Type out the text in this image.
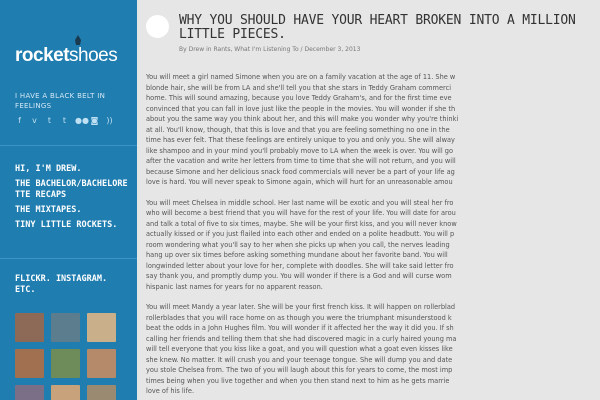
rocketshoes
I HAVE A BLACK BELT IN FEELINGS
f	v	t	t	●● ◙ ))
HI, I'M DREW.
THE BACHELOR/BACHELORETTE RECAPS
THE MIXTAPES.
TINY LITTLE ROCKETS.
FLICKR. INSTAGRAM. ETC.
WHY YOU SHOULD HAVE YOUR HEART BROKEN INTO A MILLION LITTLE PIECES.
By Drew in Rants, What I'm Listening To / December 3, 2013

You will meet a girl named Simone when you are on a family vacation at the age of 11. She w blonde hair, she will be from LA and she'll tell you that she stars in Teddy Graham commerci home. This will sound amazing, because you love Teddy Graham's, and for the first time eve convinced that you can fall in love just like the people in the movies. You will wonder if she th about you the same way you think about her, and this will make you wonder why you're thinki at all. You'll know, though, that this is love and that you are feeling something no one in the time has ever felt. That these feelings are entirely unique to you and only you. She will alway like shampoo and in your mind you'll probably move to LA when the week is over. You will go after the vacation and write her letters from time to time that she will not return, and you will because Simone and her delicious snack food commercials will never be a part of your life ag love is hard. You will never speak to Simone again, which will hurt for an unreasonable amou

You will meet Chelsea in middle school. Her last name will be exotic and you will steal her fro who will become a best friend that you will have for the rest of your life. You will date for arou and talk a total of five to six times, maybe. She will be your first kiss, and you will never know actually kissed or if you just flailed into each other and ended on a polite headbutt. You will p room wondering what you'll say to her when she picks up when you call, the nerves leading hang up over six times before asking something mundane about her favorite band. You will longwinded letter about your love for her, complete with doodles. She will take said letter fro say thank you, and promptly dump you. You will wonder if there is a God and will curse wom hispanic last names for years for no apparent reason.

You will meet Mandy a year later. She will be your first french kiss. It will happen on rollerblad rollerblades that you will race home on as though you were the triumphant misunderstood k beat the odds in a John Hughes film. You will wonder if it affected her the way it did you. If sh calling her friends and telling them that she had discovered magic in a curly haired young ma will tell everyone that you kiss like a goat, and you will question what a goat even kisses like she knew. No matter. It will crush you and your teenage tongue. She will dump you and date you stole Chelsea from. The two of you will laugh about this for years to come, the most imp times being when you live together and when you then stand next to him as he gets marrie love of his life.
